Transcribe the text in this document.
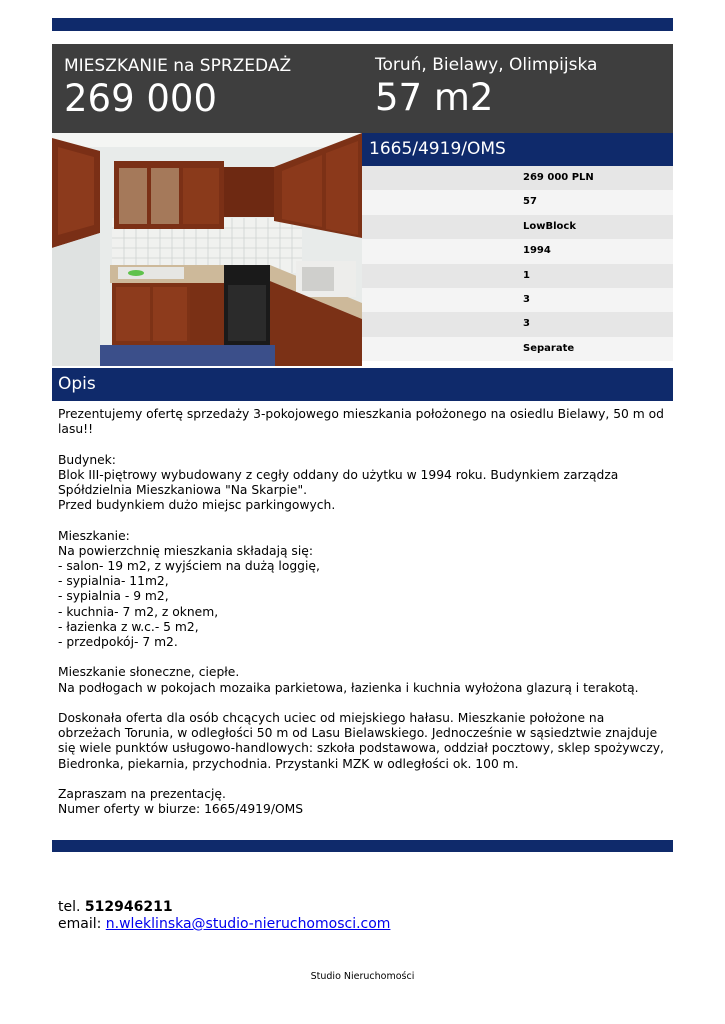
MIESZKANIE na SPRZEDAŻ
269 000
Toruń, Bielawy, Olimpijska
57 m2
1665/4919/OMS
269 000 PLN
57
LowBlock
1994
1
3
3
Separate
Opis

Prezentujemy ofertę sprzedaży 3-pokojowego mieszkania położonego na osiedlu Bielawy, 50 m od lasu!!

Budynek:
Blok III-piętrowy wybudowany z cegły oddany do użytku w 1994 roku. Budynkiem zarządza Spółdzielnia Mieszkaniowa "Na Skarpie".
Przed budynkiem dużo miejsc parkingowych.

Mieszkanie:
Na powierzchnię mieszkania składają się:
- salon- 19 m2, z wyjściem na dużą loggię,
- sypialnia- 11m2,
- sypialnia - 9 m2,
- kuchnia- 7 m2, z oknem,
- łazienka z w.c.- 5 m2,
- przedpokój- 7 m2.

Mieszkanie słoneczne, ciepłe.
Na podłogach w pokojach mozaika parkietowa, łazienka i kuchnia wyłożona glazurą i terakotą.

Doskonała oferta dla osób chcących uciec od miejskiego hałasu. Mieszkanie położone na obrzeżach Torunia, w odległości 50 m od Lasu Bielawskiego. Jednocześnie w sąsiedztwie znajduje się wiele punktów usługowo-handlowych: szkoła podstawowa, oddział pocztowy, sklep spożywczy, Biedronka, piekarnia, przychodnia. Przystanki MZK w odległości ok. 100 m.

Zapraszam na prezentację.
Numer oferty w biurze: 1665/4919/OMS

tel. 512946211
email: n.wleklinska@studio-nieruchomosci.com
Studio Nieruchomości
